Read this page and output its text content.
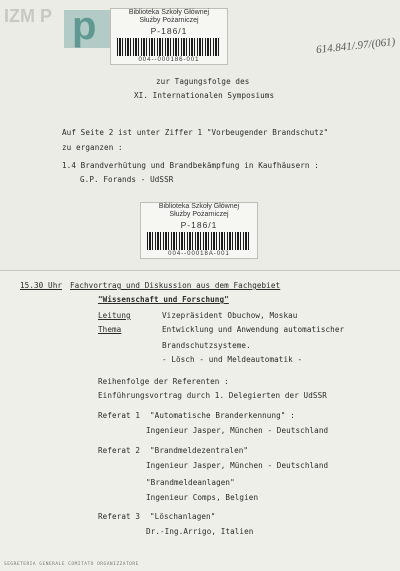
IZM P p	Biblioteka Szkoły Głównej
Służby Pożarniczej
P-186/1
004--000186-001
614.841/.97/(061)
zur Tagungsfolge des
XI. Internationalen Symposiums
Auf Seite 2 ist unter Ziffer 1 "Vorbeugender Brandschutz"
zu erganzen :
1.4 Brandverhütung und Brandbekämpfung in Kaufhäusern :
G.P. Forands - UdSSR
Biblioteka Szkoły Głównej
Służby Pożarniczej
P-186/1
004--00018A-001
15.30 Uhr Fachvortrag und Diskussion aus dem Fachgebiet
"Wissenschaft und Forschung"
Leitung	Vizepräsident Obuchow, Moskau
Thema	Entwicklung und Anwendung automatischer
Brandschutzsysteme.
- Lösch - und Meldeautomatik -
Reihenfolge der Referenten :
Einführungsvortrag durch 1. Delegierten der UdSSR
Referat 1 "Automatische Branderkennung" :
Ingenieur Jasper, München - Deutschland
Referat 2 "Brandmeldezentralen"
Ingenieur Jasper, München - Deutschland
"Brandmeldeanlagen"
Ingenieur Comps, Belgien
Referat 3 "Löschanlagen"
Dr.-Ing.Arrigo, Italien
SEGRETERIA GENERALE COMITATO ORGANIZZATORE
